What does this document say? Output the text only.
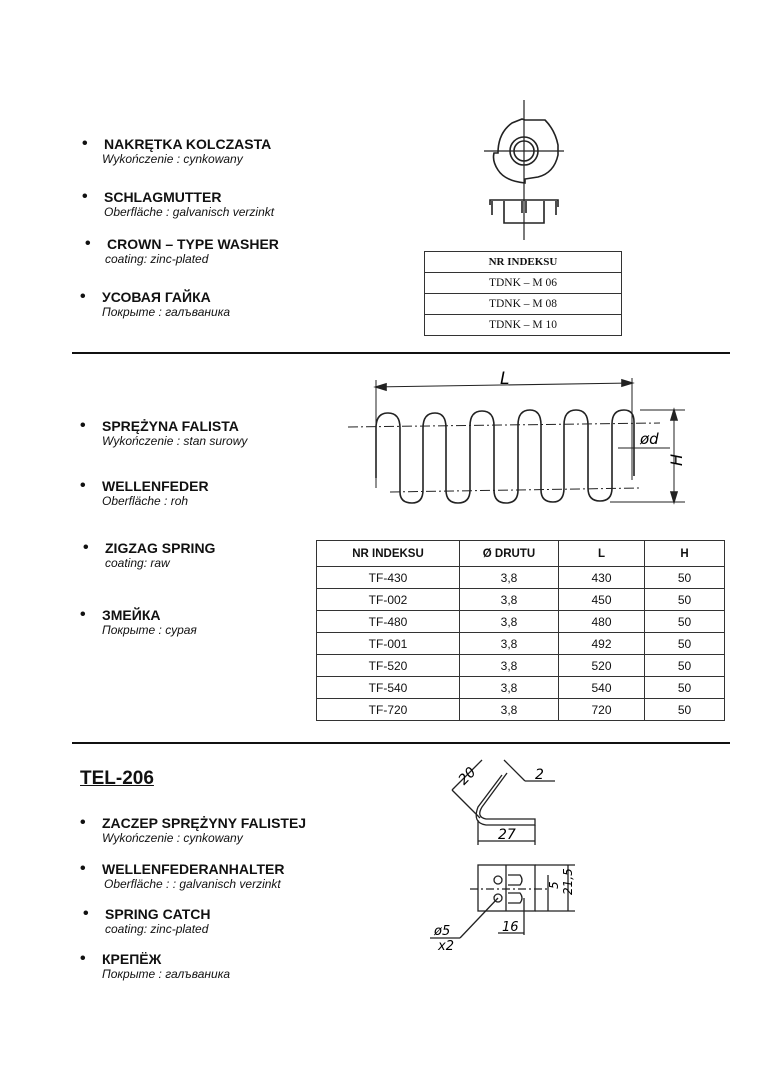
• NAKRĘTKA KOLCZASTA
Wykończenie : cynkowany
• SCHLAGMUTTER
Oberfläche : galvanisch verzinkt
• CROWN – TYPE WASHER
coating: zinc-plated
• УСОВАЯ ГАЙКА
Покрыте : галъваника
NR INDEKSU
TDNK – M 06
TDNK – M 08
TDNK – M 10
• SPRĘŻYNA FALISTA
Wykończenie : stan surowy
• WELLENFEDER
Oberfläche : roh
• ZIGZAG SPRING
coating: raw
• ЗМЕЙКА
Покрыте : сурая
L
ød
H
NR INDEKSU	Ø DRUTU	L	H
TF-430	3,8	430	50
TF-002	3,8	450	50
TF-480	3,8	480	50
TF-001	3,8	492	50
TF-520	3,8	520	50
TF-540	3,8	540	50
TF-720	3,8	720	50
TEL-206
• ZACZEP SPRĘŻYNY FALISTEJ
Wykończenie : cynkowany
• WELLENFEDERANHALTER
Oberfläche : : galvanisch verzinkt
• SPRING CATCH
coating: zinc-plated
• КРЕПЁЖ
Покрыте : галъваника
20	2
27
5 21,5
16
ø5
x2
